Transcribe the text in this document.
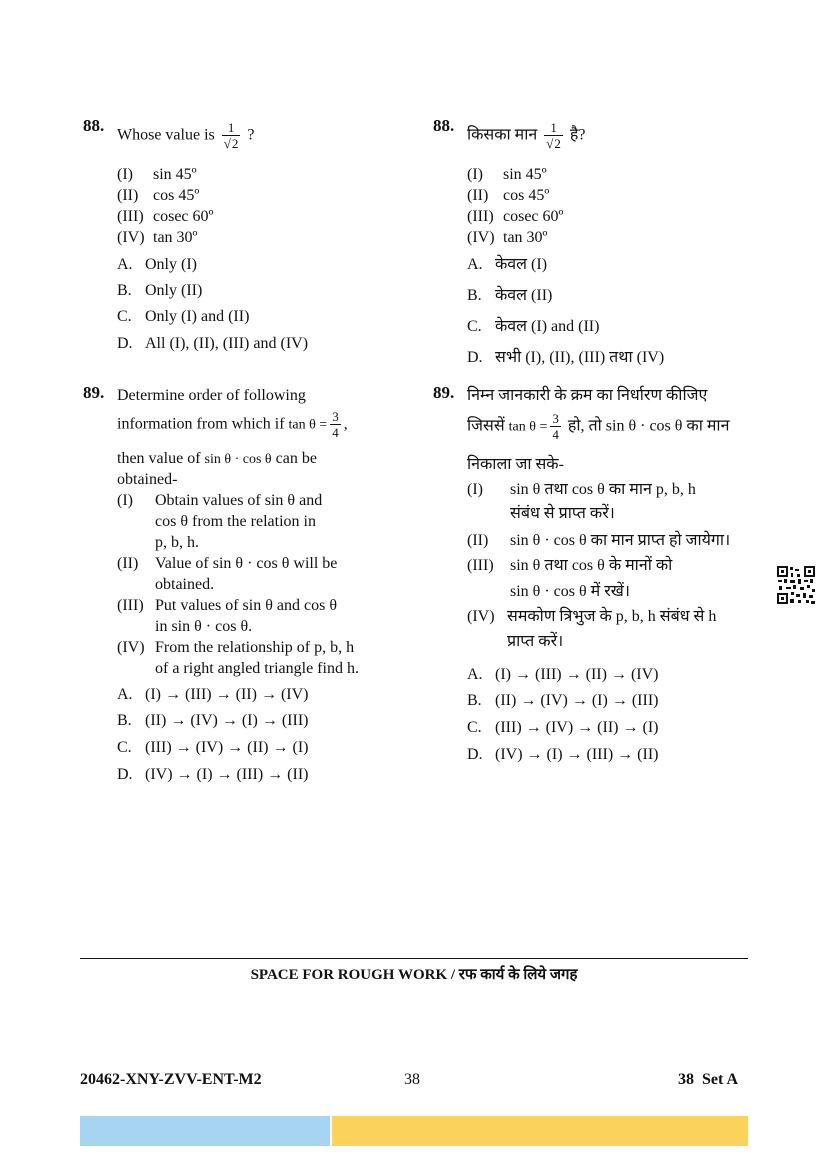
88.
Whose value is $\frac{1}{√2}$ ?
(I) sin 45º
(II) cos 45º
(III) cosec 60º
(IV) tan 30º
A. Only (I)
B. Only (II)
C. Only (I) and (II)
D. All (I), (II), (III) and (IV)
88.
किसका मान $\frac{1}{√2}$ है?
(I) sin 45º
(II) cos 45º
(III) cosec 60º
(IV) tan 30º
A. केवल (I)
B. केवल (II)
C. केवल (I) and (II)
D. सभी (I), (II), (III) तथा (IV)
89. Determine order of following
information from which if $\tan \theta = \frac{3}{4}$ ,
then value of sin θ · cos θ can be
obtained-
(I) Obtain values of sin θ and
cos θ from the relation in
p, b, h.
(II) Value of sin θ · cos θ will be
obtained.
(III) Put values of sin θ and cos θ
in sin θ · cos θ.
(IV) From the relationship of p, b, h
of a right angled triangle find h.
A. (I) → (III) → (II) → (IV)
B. (II) → (IV) → (I) → (III)
C. (III) → (IV) → (II) → (I)
D. (IV) → (I) → (III) → (II)
89. निम्न जानकारी के क्रम का निर्धारण कीजिए
जिससें $\tan \theta = \frac{3}{4}$ हो, तो sin θ · cos θ का मान
निकाला जा सके-
(I) sin θ तथा cos θ का मान p, b, h
संबंध से प्राप्त करें।
(II) sin θ · cos θ का मान प्राप्त हो जायेगा।
(III) sin θ तथा cos θ के मानों को
sin θ · cos θ में रखें।
(IV) समकोण त्रिभुज के p, b, h संबंध से h
प्राप्त करें।
A. (I) → (III) → (II) → (IV)
B. (II) → (IV) → (I) → (III)
C. (III) → (IV) → (II) → (I)
D. (IV) → (I) → (III) → (II)
SPACE FOR ROUGH WORK / रफ कार्य के लिये जगह
20462-XNY-ZVV-ENT-M2	38	38 Set A
